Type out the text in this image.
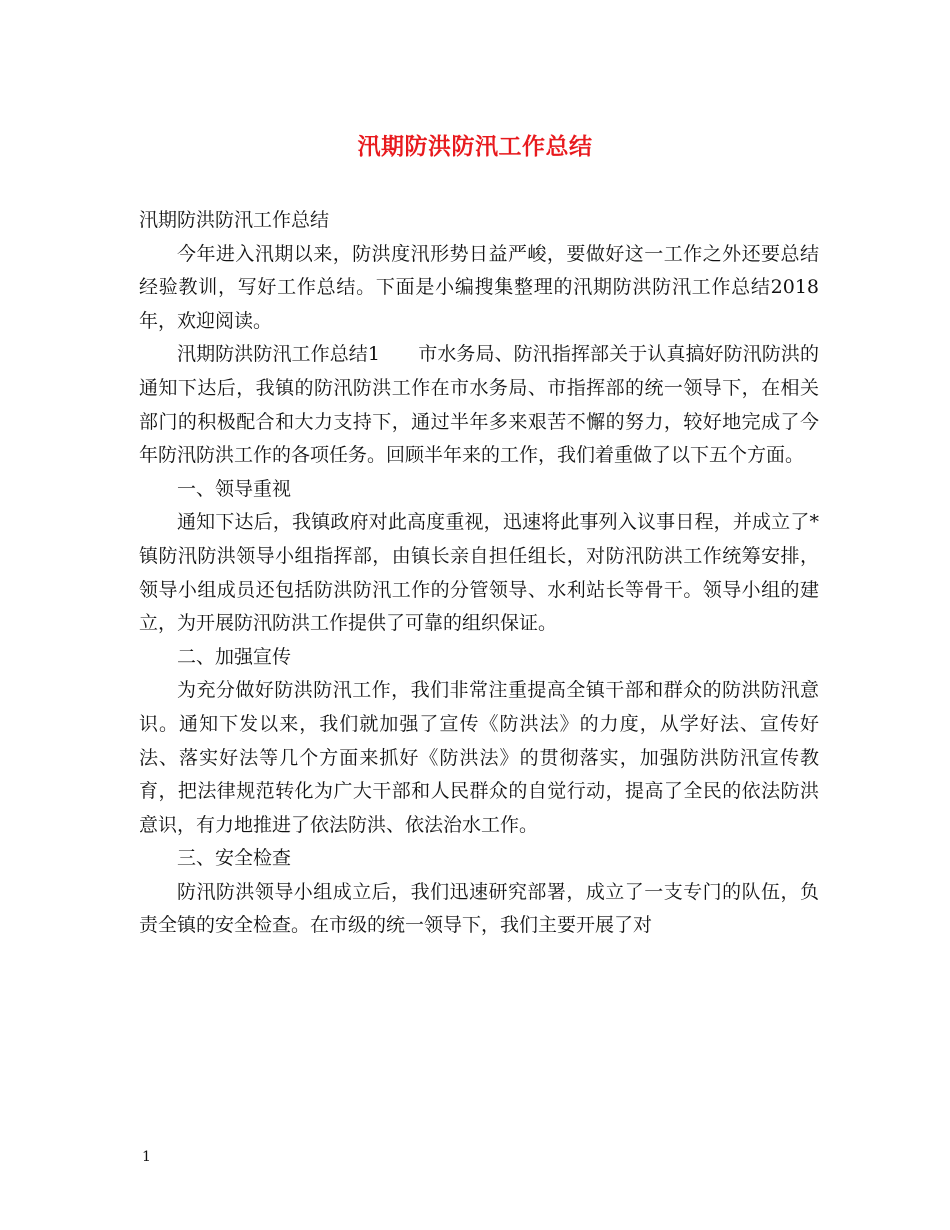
汛期防洪防汛工作总结

汛期防洪防汛工作总结

今年进入汛期以来，防洪度汛形势日益严峻，要做好这一工作之外还要总结经验教训，写好工作总结。下面是小编搜集整理的汛期防洪防汛工作总结2018年，欢迎阅读。

汛期防洪防汛工作总结1　　市水务局、防汛指挥部关于认真搞好防汛防洪的通知下达后，我镇的防汛防洪工作在市水务局、市指挥部的统一领导下，在相关部门的积极配合和大力支持下，通过半年多来艰苦不懈的努力，较好地完成了今年防汛防洪工作的各项任务。回顾半年来的工作，我们着重做了以下五个方面。

一、领导重视

通知下达后，我镇政府对此高度重视，迅速将此事列入议事日程，并成立了*镇防汛防洪领导小组指挥部，由镇长亲自担任组长，对防汛防洪工作统筹安排，领导小组成员还包括防洪防汛工作的分管领导、水利站长等骨干。领导小组的建立，为开展防汛防洪工作提供了可靠的组织保证。

二、加强宣传

为充分做好防洪防汛工作，我们非常注重提高全镇干部和群众的防洪防汛意识。通知下发以来，我们就加强了宣传《防洪法》的力度，从学好法、宣传好法、落实好法等几个方面来抓好《防洪法》的贯彻落实，加强防洪防汛宣传教育，把法律规范转化为广大干部和人民群众的自觉行动，提高了全民的依法防洪意识，有力地推进了依法防洪、依法治水工作。

三、安全检查

防汛防洪领导小组成立后，我们迅速研究部署，成立了一支专门的队伍，负责全镇的安全检查。在市级的统一领导下，我们主要开展了对

1
